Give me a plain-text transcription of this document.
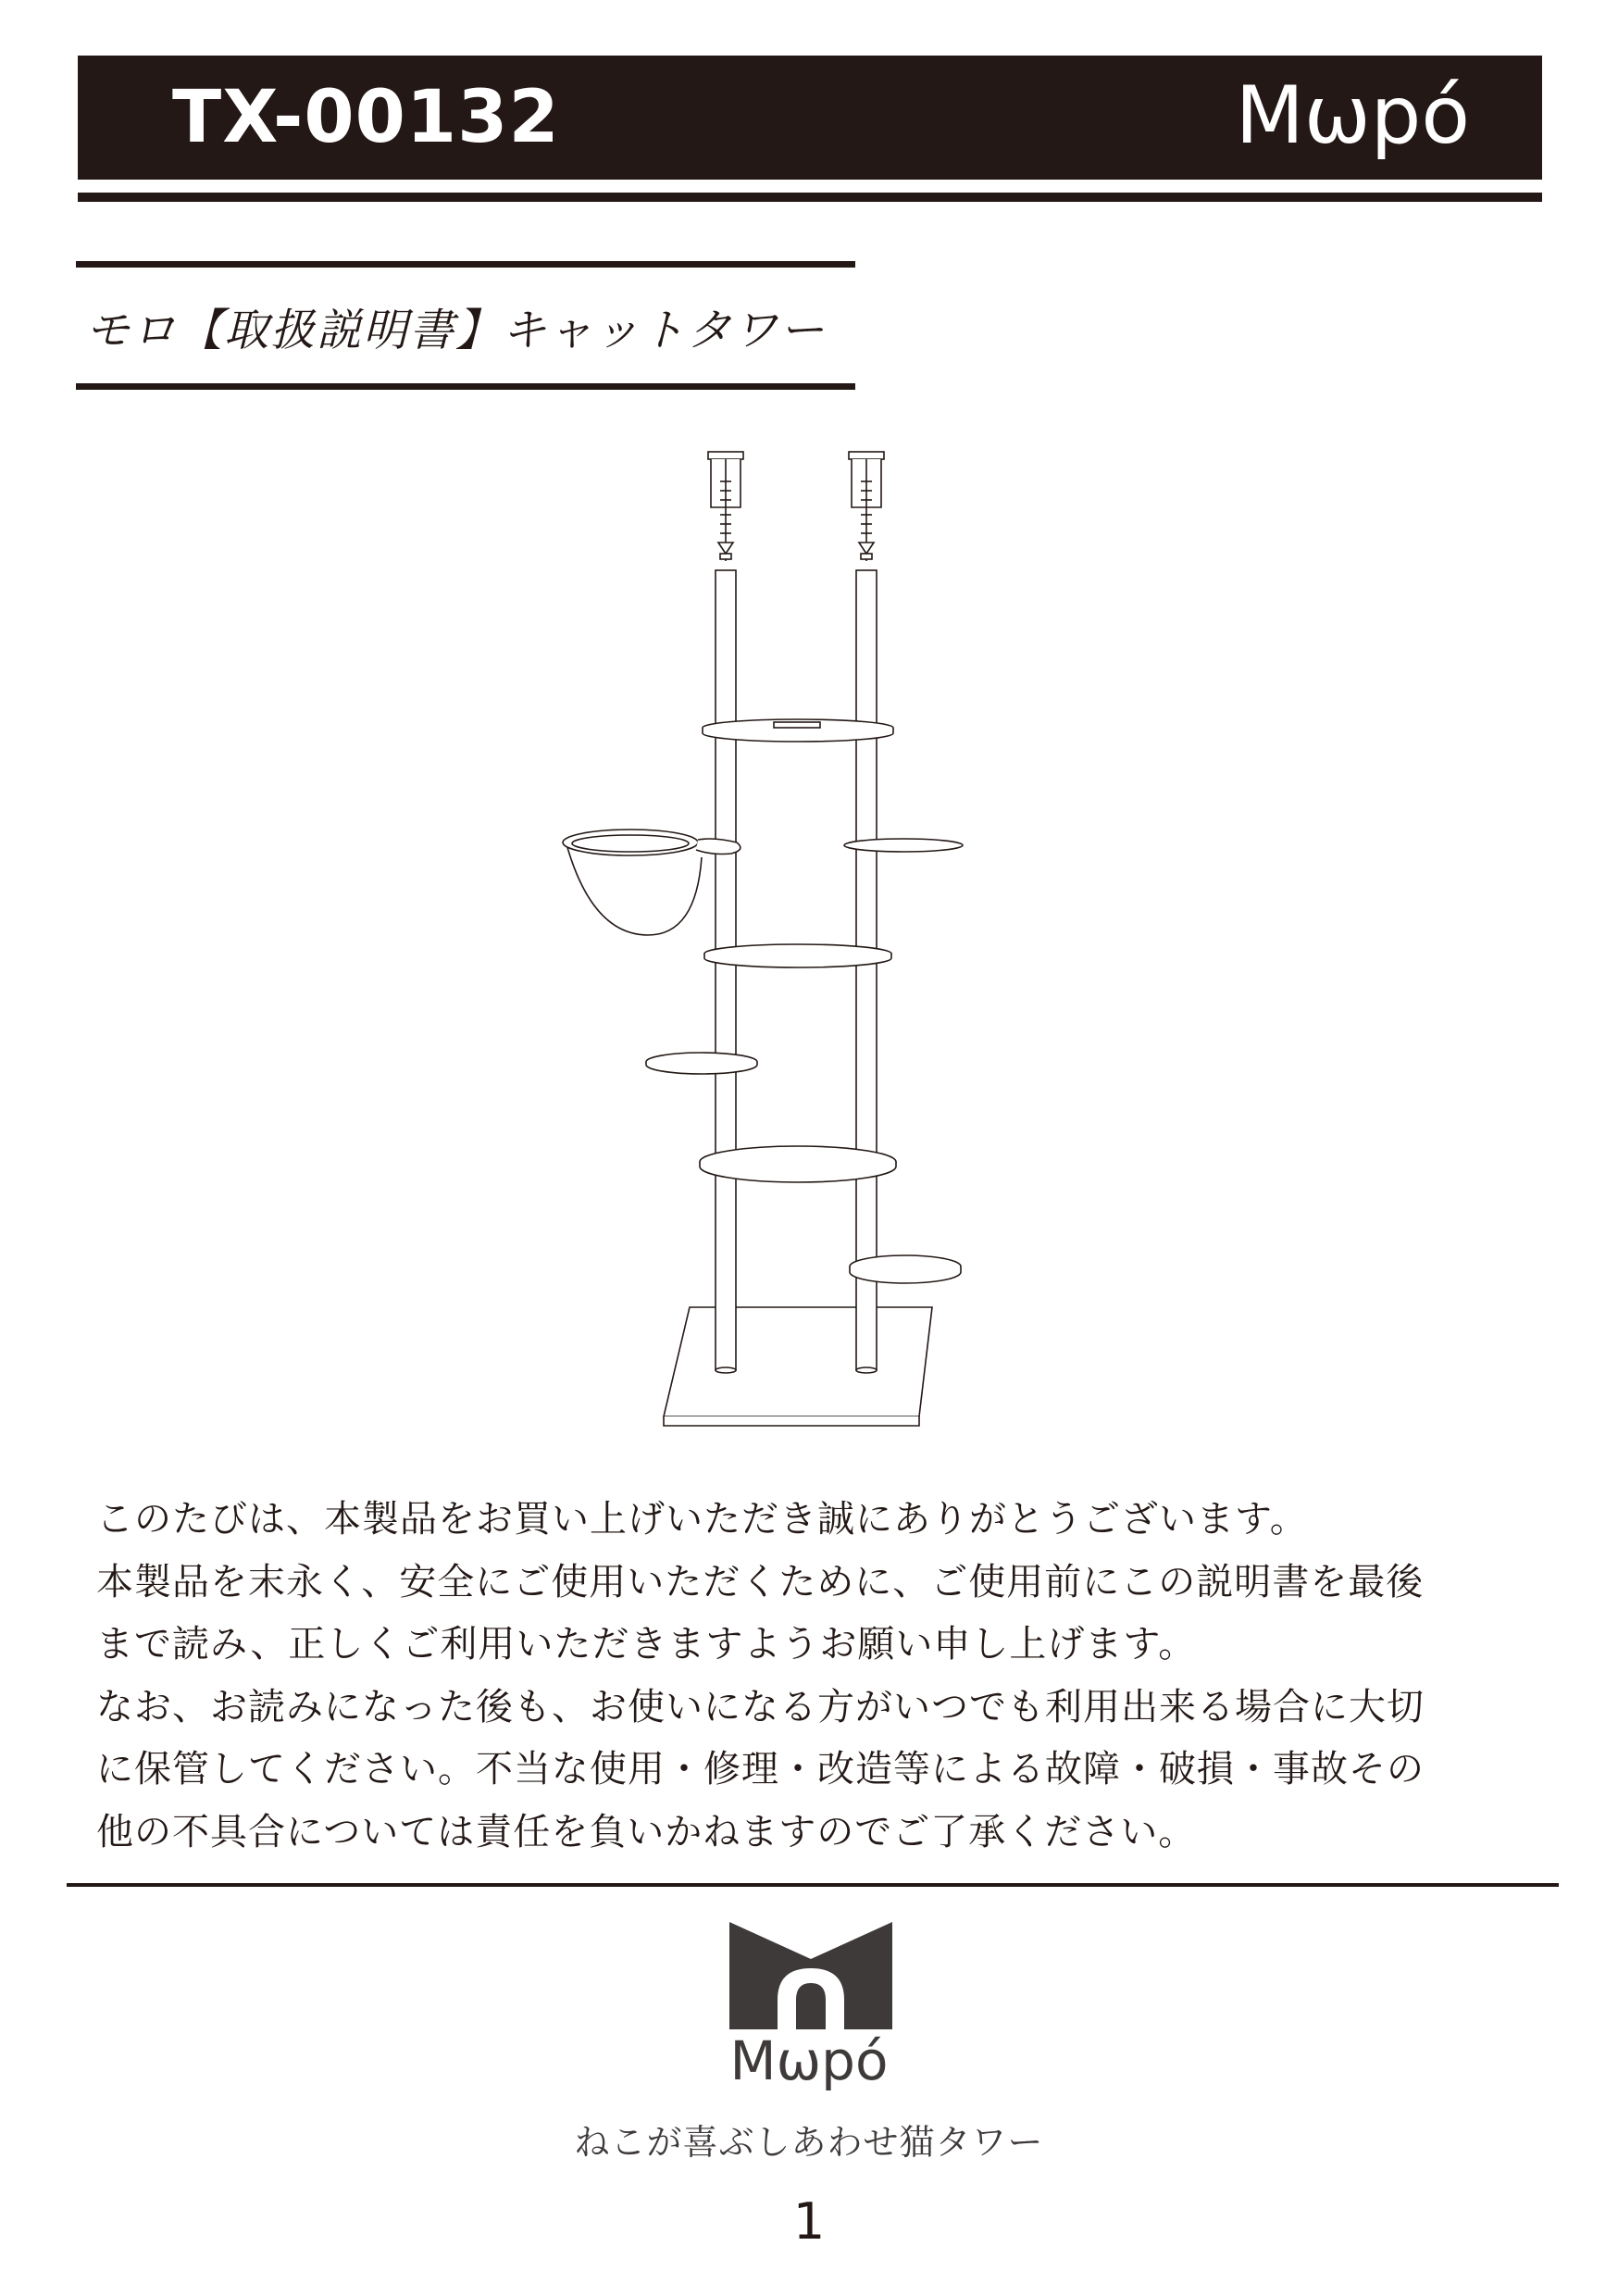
TX-00132	Mωpó
モロ【取扱説明書】キャットタワー

このたびは、本製品をお買い上げいただき誠にありがとうございます。

本製品を末永く、安全にご使用いただくために、ご使用前にこの説明書を最後

まで読み、正しくご利用いただきますようお願い申し上げます。

なお、お読みになった後も、お使いになる方がいつでも利用出来る場合に大切

に保管してください。不当な使用・修理・改造等による故障・破損・事故その

他の不具合については責任を負いかねますのでご了承ください。

Mωpó
ねこが喜ぶしあわせ猫タワー
1
